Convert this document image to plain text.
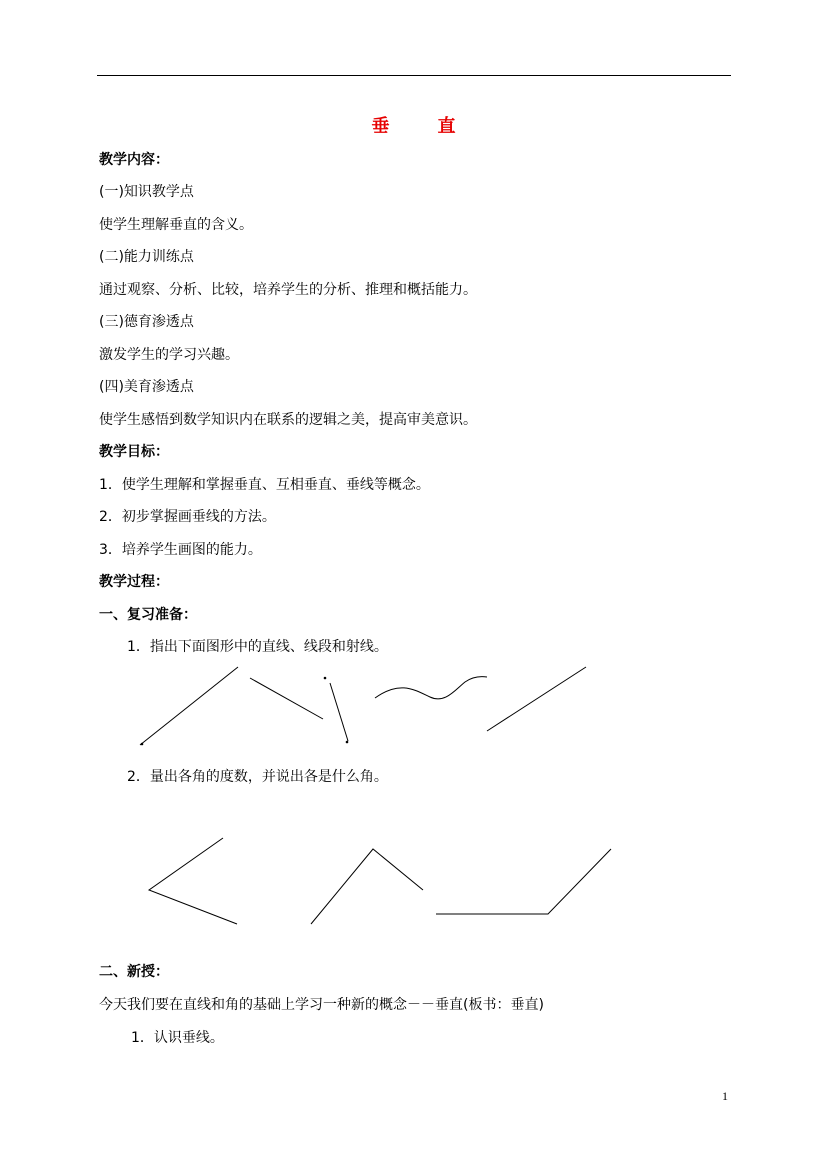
垂	直
教学内容：
(一)知识教学点
使学生理解垂直的含义。
(二)能力训练点
通过观察、分析、比较，培养学生的分析、推理和概括能力。
(三)德育渗透点
激发学生的学习兴趣。
(四)美育渗透点
使学生感悟到数学知识内在联系的逻辑之美，提高审美意识。
教学目标：
1．使学生理解和掌握垂直、互相垂直、垂线等概念。
2．初步掌握画垂线的方法。
3．培养学生画图的能力。
教学过程：
一、复习准备：
1．指出下面图形中的直线、线段和射线。
2．量出各角的度数，并说出各是什么角。
二、新授：
今天我们要在直线和角的基础上学习一种新的概念－－垂直(板书：垂直)
1．认识垂线。
1
